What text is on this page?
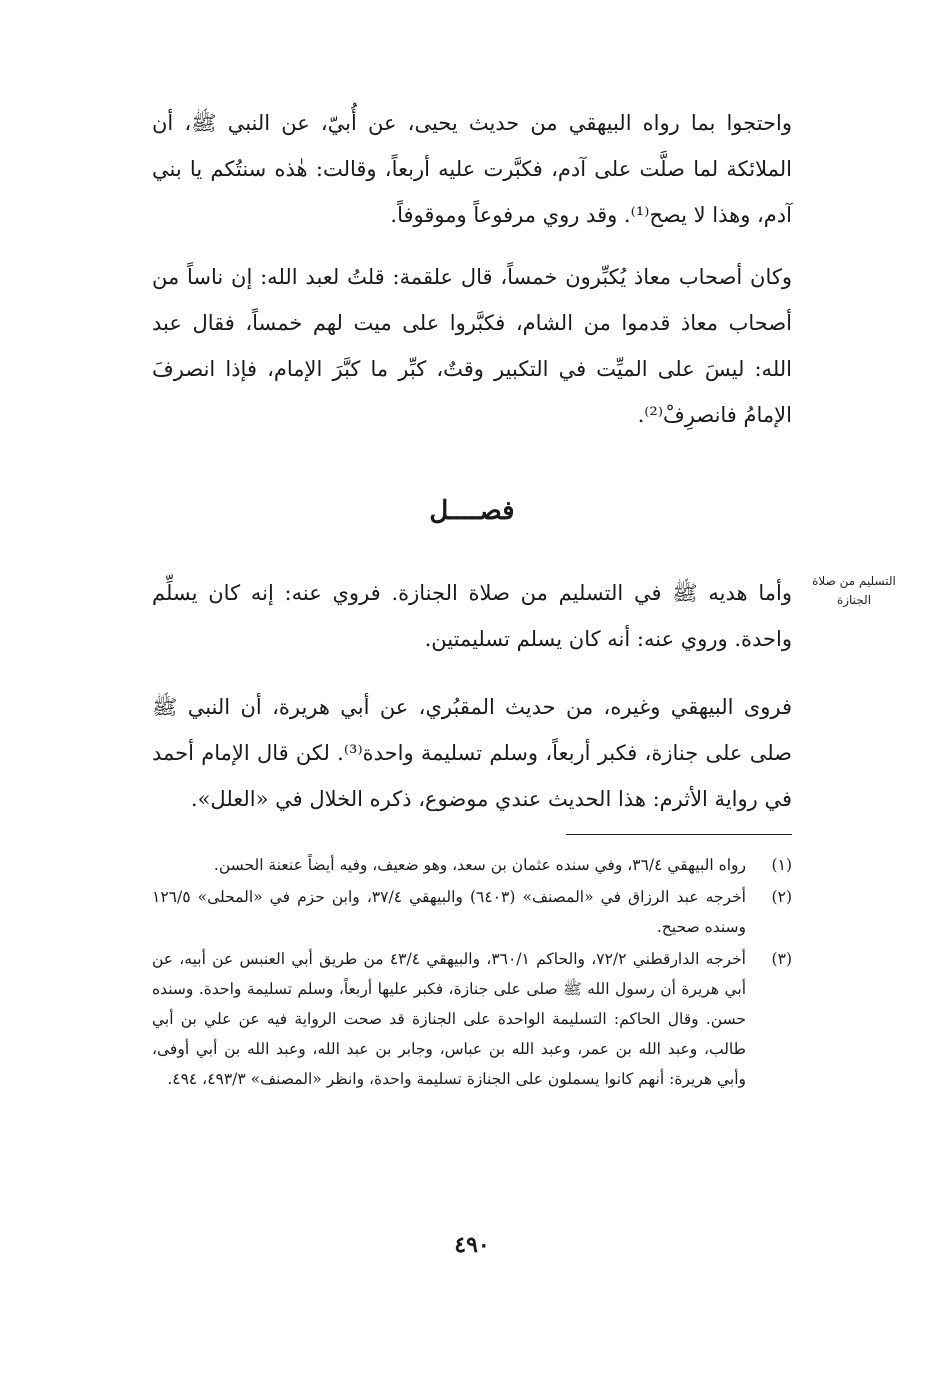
واحتجوا بما رواه البيهقي من حديث يحيى، عن أُبيّ، عن النبي ﷺ، أن الملائكة لما صلَّت على آدم، فكبَّرت عليه أربعاً، وقالت: هٰذه سنتُكم يا بني آدم، وهذا لا يصح⁽¹⁾. وقد روي مرفوعاً وموقوفاً.

وكان أصحاب معاذ يُكبِّرون خمساً، قال علقمة: قلتُ لعبد الله: إن ناساً من أصحاب معاذ قدموا من الشام، فكبَّروا على ميت لهم خمساً، فقال عبد الله: ليسَ على الميِّت في التكبير وقتٌ، كبِّر ما كبَّرَ الإمام، فإذا انصرفَ الإمامُ فانصرِفْ⁽²⁾.

فصــــل
التسليم من صلاة الجنازة

وأما هديه ﷺ في التسليم من صلاة الجنازة. فروي عنه: إنه كان يسلِّم واحدة. وروي عنه: أنه كان يسلم تسليمتين.

فروى البيهقي وغيره، من حديث المقبُري، عن أبي هريرة، أن النبي ﷺ صلى على جنازة، فكبر أربعاً، وسلم تسليمة واحدة⁽³⁾. لكن قال الإمام أحمد في رواية الأثرم: هذا الحديث عندي موضوع، ذكره الخلال في «العلل».

(١)
رواه البيهقي ٣٦/٤، وفي سنده عثمان بن سعد، وهو ضعيف، وفيه أيضاً عنعنة الحسن.
(٢)
أخرجه عبد الرزاق في «المصنف» (٦٤٠٣) والبيهقي ٣٧/٤، وابن حزم في «المحلى» ١٢٦/٥ وسنده صحيح.
(٣)
أخرجه الدارقطني ٧٢/٢، والحاكم ٣٦٠/١، والبيهقي ٤٣/٤ من طريق أبي العنبس عن أبيه، عن أبي هريرة أن رسول الله ﷺ صلى على جنازة، فكبر عليها أربعاً، وسلم تسليمة واحدة. وسنده حسن. وقال الحاكم: التسليمة الواحدة على الجنازة قد صحت الرواية فيه عن علي بن أبي طالب، وعبد الله بن عمر، وعبد الله بن عباس، وجابر بن عبد الله، وعبد الله بن أبي أوفى، وأبي هريرة: أنهم كانوا يسملون على الجنازة تسليمة واحدة، وانظر «المصنف» ٤٩٣/٣، ٤٩٤.
٤٩٠
